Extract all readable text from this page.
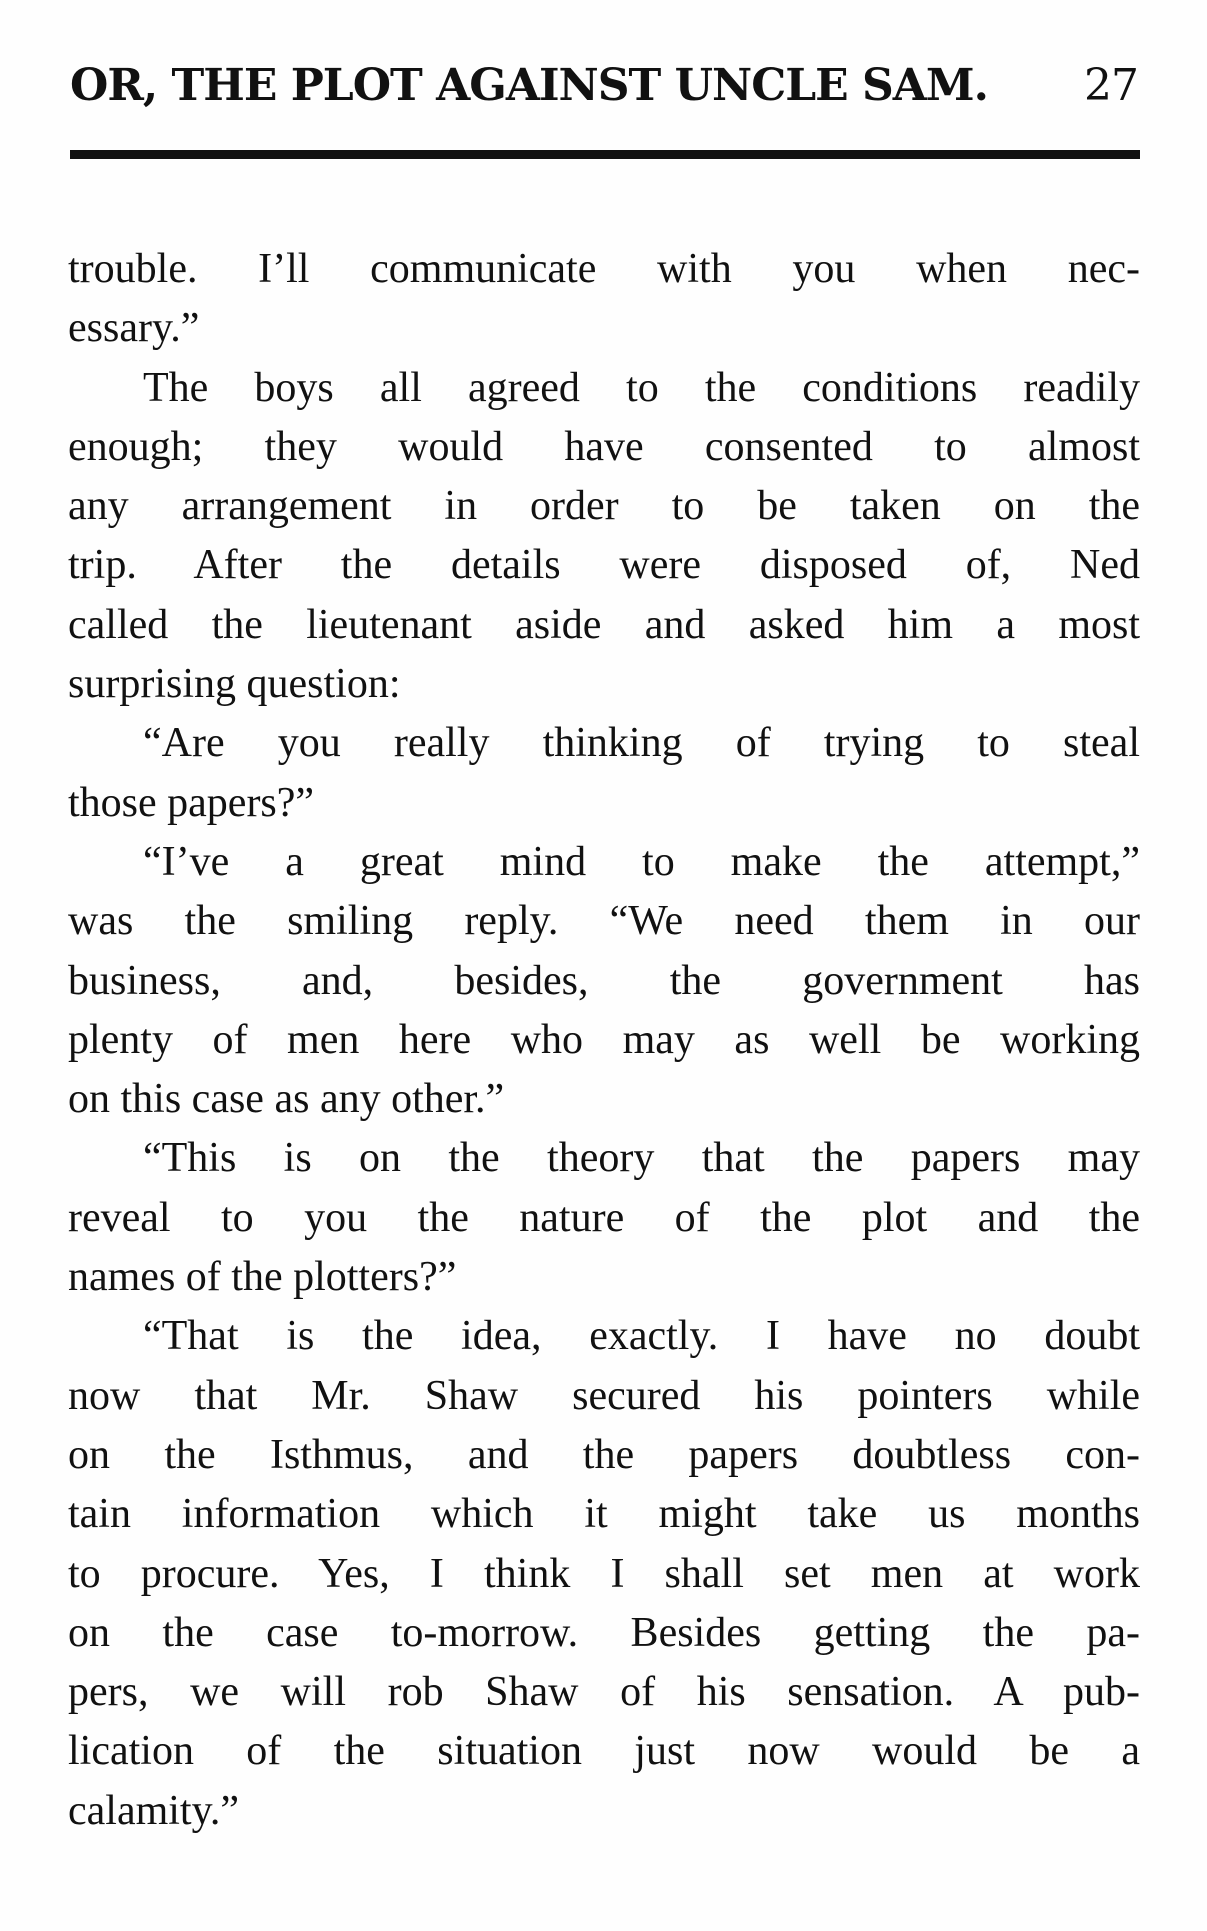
OR, THE PLOT AGAINST UNCLE SAM. 27
trouble. I’ll communicate with you when nec-
essary.”
The boys all agreed to the conditions readily
enough; they would have consented to almost
any arrangement in order to be taken on the
trip. After the details were disposed of, Ned
called the lieutenant aside and asked him a most
surprising question:
“Are you really thinking of trying to steal
those papers?”
“I’ve a great mind to make the attempt,”
was the smiling reply. “We need them in our
business, and, besides, the government has
plenty of men here who may as well be working
on this case as any other.”
“This is on the theory that the papers may
reveal to you the nature of the plot and the
names of the plotters?”
“That is the idea, exactly. I have no doubt
now that Mr. Shaw secured his pointers while
on the Isthmus, and the papers doubtless con-
tain information which it might take us months
to procure. Yes, I think I shall set men at work
on the case to-morrow. Besides getting the pa-
pers, we will rob Shaw of his sensation. A pub-
lication of the situation just now would be a
calamity.”
